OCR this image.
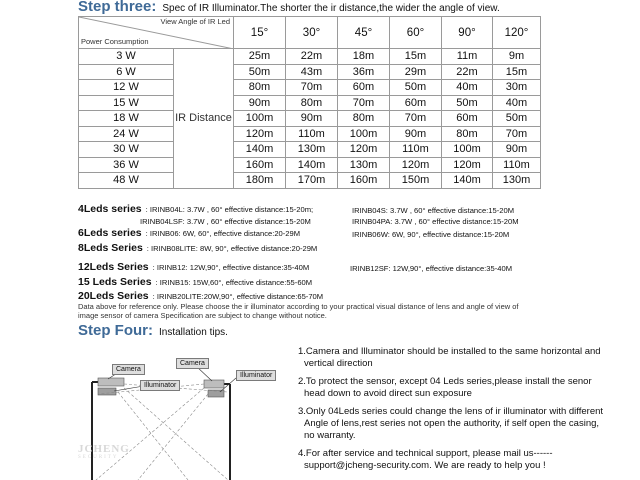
Step three: Spec of IR Illuminator.The shorter the ir distance,the wider the angle of view.
View Angle of IR Led
Power Consumption		15°	30°	45°	60°	90°	120°
3 W	IR Distance	25m	22m	18m	15m	11m	9m
6 W		50m	43m	36m	29m	22m	15m
12 W		80m	70m	60m	50m	40m	30m
15 W		90m	80m	70m	60m	50m	40m
18 W		100m	90m	80m	70m	60m	50m
24 W		120m	110m	100m	90m	80m	70m
30 W		140m	130m	120m	110m	100m	90m
36 W		160m	140m	130m	120m	120m	110m
48 W		180m	170m	160m	150m	140m	130m
4Leds series : IRINB04L: 3.7W , 60° effective distance:15-20m;	IRINB04S: 3.7W , 60° effective distance:15-20M
IRINB04LSF: 3.7W , 60° effective distance:15-20M	IRINB04PA: 3.7W , 60° effective distance:15-20M
6Leds series : IRINB06: 6W, 60°, effective distance:20-29M	IRINB06W: 6W, 90°, effective distance:15-20M
8Leds Series : IRINB08LITE: 8W, 90°, effective distance:20-29M
12Leds Series : IRINB12: 12W,90°, effective distance:35-40M	IRINB12SF: 12W,90°, effective distance:35-40M
15 Leds Series : IRINB15: 15W,60°, effective distance:55-60M
20Leds Series : IRINB20LITE:20W,90°, effective distance:65-70M
Data above for reference only. Please choose the ir illuminator according to your practical visual distance of lens and angle of view of
image sensor of camera Specification are subject to change without notice.
Step Four: Installation tips.
Camera
Illuminator
Camera
Illuminator
JCHENG
SECURITY
1.Camera and Illuminator should be installed to the same horizontal and
vertical direction
2.To protect the sensor, except 04 Leds series,please install the senor
head down to avoid direct sun exposure
3.Only 04Leds series could change the lens of ir illuminator with different
Angle of lens,rest series not open the authority, if self open the casing,
no warranty.
4.For after service and technical support, please mail us------
support@jcheng-security.com. We are ready to help you !
